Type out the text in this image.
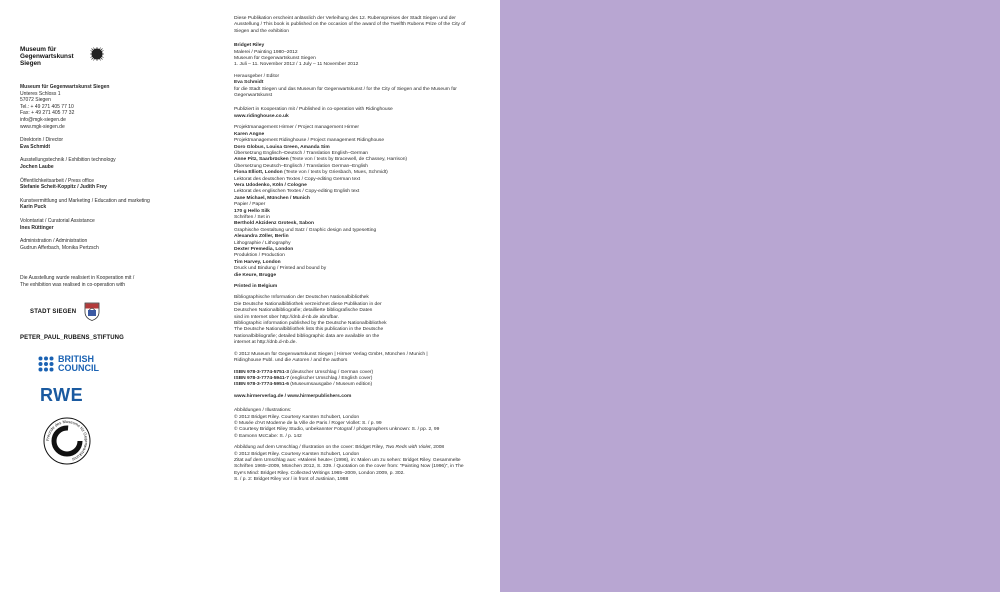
Museum für
Gegenwartskunst
Siegen
Museum für Gegenwartskunst Siegen
Unteres Schloss 1
57072 Siegen
Tel.: + 49 271 405 77 10
Fax: + 49 271 405 77 32
info@mgk-siegen.de
www.mgk-siegen.de
Direktorin / Director
Eva Schmidt
Ausstellungstechnik / Exhibition technology
Jochen Laube
Öffentlichkeitsarbeit / Press office
Stefanie Scheit-Koppitz / Judith Frey
Kunstvermittlung und Marketing / Education and marketing
Karin Puck
Volontariat / Curatorial Assistance
Ines Rüttinger
Administration / Administration
Gudrun Afferbach, Monika Pertzsch
Die Ausstellung wurde realisiert in Kooperation mit /
The exhibition was realised in co-operation with
STADT SIEGEN
PETER_PAUL_RUBENS_STIFTUNG
BRITISH
COUNCIL
RWE
Freunde des Museums für Gegenwartskunst
Diese Publikation erscheint anlässlich der Verleihung des 12. Rubenspreises der Stadt Siegen und der Ausstellung / This book is published on the occasion of the award of the Twelfth Rubens Prize of the City of Siegen and the exhibition
Bridget Riley
Malerei / Painting 1980–2012
Museum für Gegenwartskunst Siegen
1. Juli – 11. November 2012 / 1 July – 11 November 2012
Herausgeber / Editor
Eva Schmidt
für die Stadt Siegen und das Museum für Gegenwartskunst / for the City of Siegen and the Museum für Gegenwartskunst
Publiziert in Kooperation mit / Published in co-operation with Ridinghouse
www.ridinghouse.co.uk
Projektmanagement Hirmer / Project management Hirmer
Karen Angne
Projektmanagement Ridinghouse / Project management Ridinghouse
Doro Globus, Louisa Green, Amanda Sim
Übersetzung Englisch–Deutsch / Translation English–German
Anne Pitz, Saarbrücken (Texte von / texts by Bracewell, de Chassey, Harrison)
Übersetzung Deutsch–Englisch / Translation German–English
Fiona Elliott, London (Texte von / texts by Griesbach, Mues, Schmidt)
Lektorat des deutschen Textes / Copy-editing German text
Vera Udodenko, Köln / Cologne
Lektorat des englischen Textes / Copy-editing English text
Jane Michael, München / Munich
Papier / Paper
170 g Hello Silk
Schriften / Set in
Berthold Akzidenz Grotesk, Sabon
Graphische Gestaltung und Satz / Graphic design and typesetting
Alexandra Zöller, Berlin
Lithographie / Lithography
Dexter Premedia, London
Produktion / Production
Tim Harvey, London
Druck und Bindung / Printed and bound by
die Keure, Brugge
Printed in Belgium
Bibliographische Information der Deutschen Nationalbibliothek
Die Deutsche Nationalbibliothek verzeichnet diese Publikation in der
Deutschen Nationalbibliografie; detaillierte bibliografische Daten
sind im Internet über http://dnb.d-nb.de abrufbar.
Bibliographic information published by the Deutsche Nationalbibliothek
The Deutsche Nationalbibliothek lists this publication in the Deutsche
Nationalbibliografie; detailed bibliographic data are available on the
internet at http://dnb.d-nb.de.
© 2012 Museum für Gegenwartskunst Siegen | Hirmer Verlag GmbH, München / Munich |
Ridinghouse Publ. und die Autoren / and the authors
ISBN 978-3-7774-5751-3 (deutscher Umschlag / German cover)
ISBN 978-3-7774-5941-7 (englischer Umschlag / English cover)
ISBN 978-3-7774-5951-6 (Museumsausgabe / Museum edition)
www.hirmerverlag.de / www.hirmerpublishers.com
Abbildungen / Illustrations:
© 2012 Bridget Riley. Courtesy Karsten Schubert, London
© Musée d'Art Moderne de la Ville de Paris / Roger Viollet: S. / p. 99
© Courtesy Bridget Riley Studio, unbekannter Fotograf / photographers unknown: S. / pp. 2, 99
© Eamonn McCabe: S. / p. 142
Abbildung auf dem Umschlag / Illustration on the cover: Bridget Riley, Two Reds with Violet, 2008
© 2012 Bridget Riley. Courtesy Karsten Schubert, London
Zitat auf dem Umschlag aus: »Malerei heute« (1996), in: Malen um zu sehen: Bridget Riley. Gesammelte Schriften 1965–2009, München 2012, S. 339. / Quotation on the cover from: “Painting Now (1996)”, in The Eye's Mind: Bridget Riley. Collected Writings 1965–2009, London 2009, p. 302.
S. / p. 2: Bridget Riley vor / in front of Justinian, 1988
